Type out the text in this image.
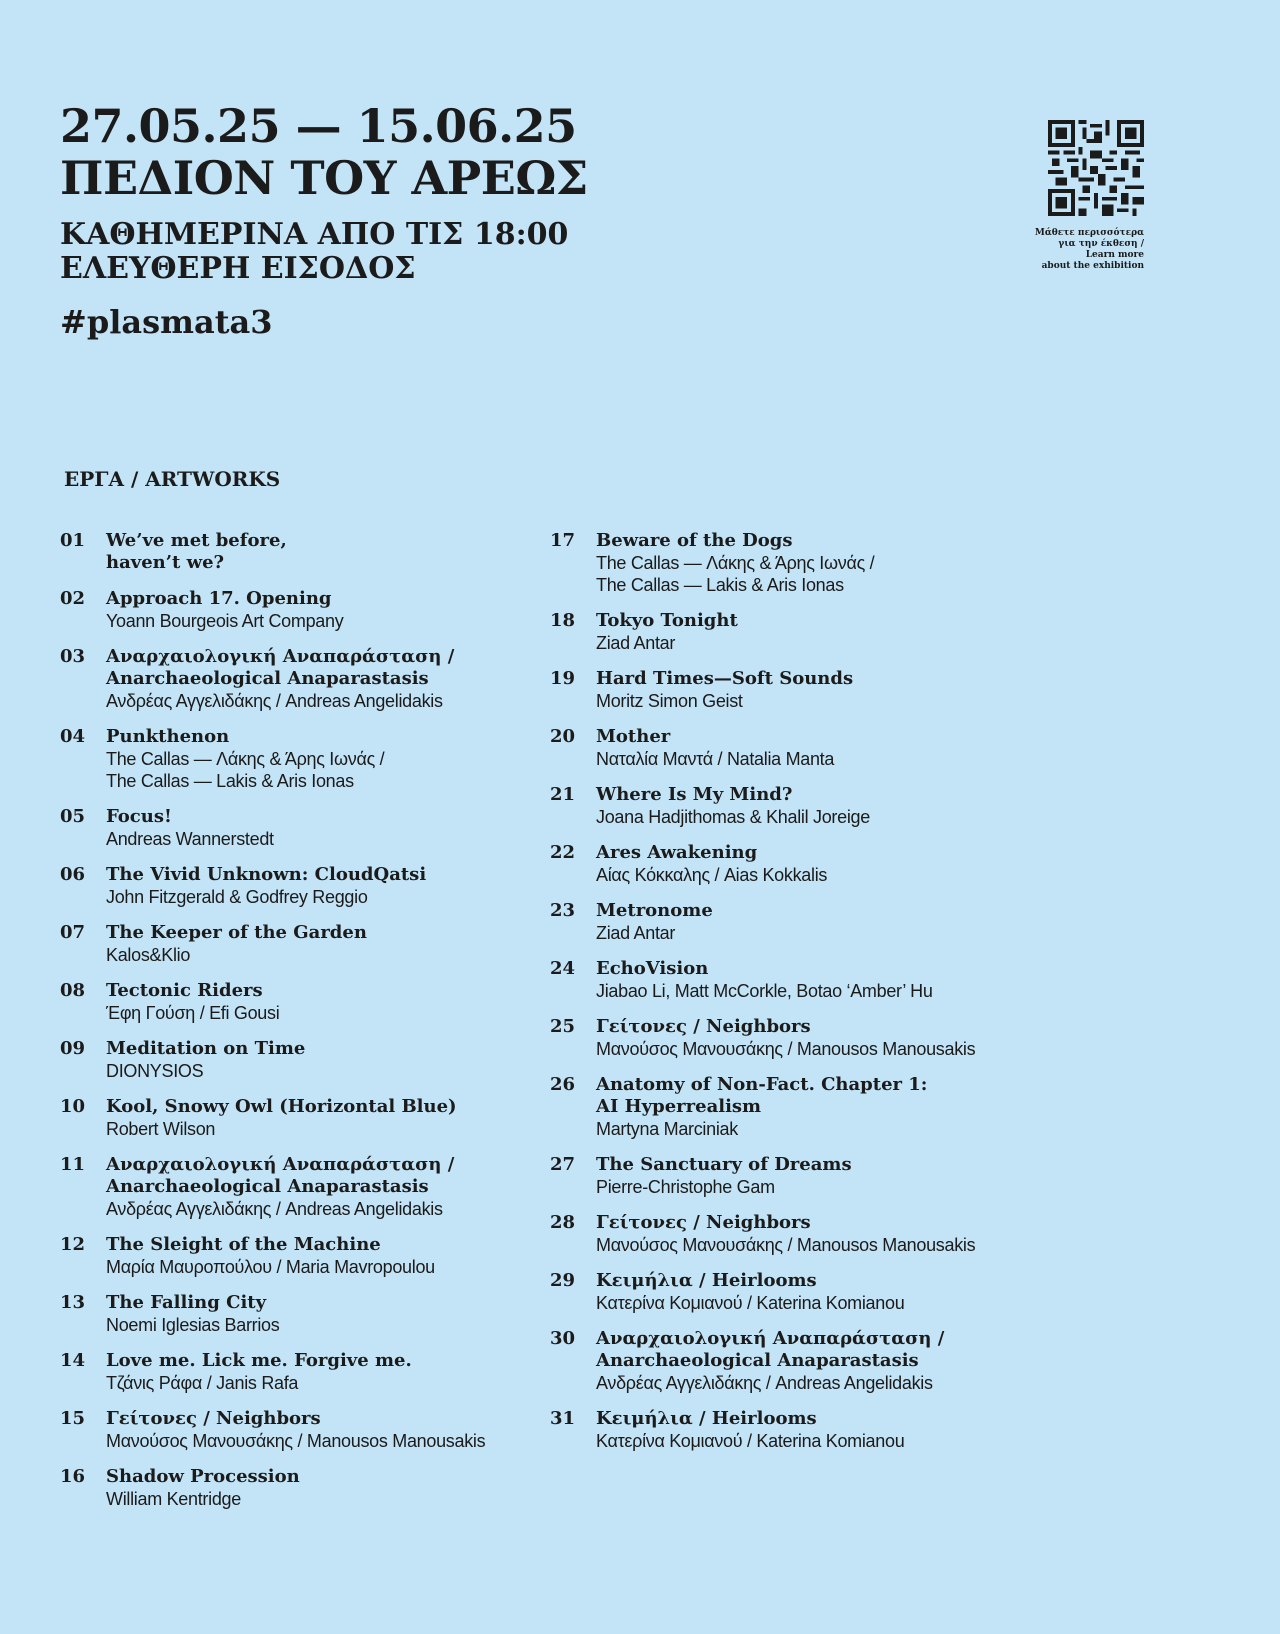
27.05.25 — 15.06.25
ΠΕΔΙΟΝ ΤΟΥ ΑΡΕΩΣ

ΚΑΘΗΜΕΡΙΝΑ ΑΠΟ ΤΙΣ 18:00

ΕΛΕΥΘΕΡΗ ΕΙΣΟΔΟΣ

#plasmata3
Μάθετε περισσότερα
για την έκθεση /
Learn more
about the exhibition
ΕΡΓΑ / ARTWORKS
01	We’ve met before,
haven’t we?
02	Approach 17. Opening
Yoann Bourgeois Art Company
03	Αναρχαιολογική Αναπαράσταση /
Anarchaeological Anaparastasis
Ανδρέας Αγγελιδάκης / Andreas Angelidakis
04	Punkthenon
The Callas — Λάκης & Άρης Ιωνάς /
The Callas — Lakis & Aris Ionas
05	Focus!
Andreas Wannerstedt
06	The Vivid Unknown: CloudQatsi
John Fitzgerald & Godfrey Reggio
07	The Keeper of the Garden
Kalos&Klio
08	Tectonic Riders
Έφη Γούση / Efi Gousi
09	Meditation on Time
DIONYSIOS
10	Kool, Snowy Owl (Horizontal Blue)
Robert Wilson
11	Αναρχαιολογική Αναπαράσταση /
Anarchaeological Anaparastasis
Ανδρέας Αγγελιδάκης / Andreas Angelidakis
12	The Sleight of the Machine
Μαρία Μαυροπούλου / Maria Mavropoulou
13	The Falling City
Noemi Iglesias Barrios
14	Love me. Lick me. Forgive me.
Τζάνις Ράφα / Janis Rafa
15	Γείτονες / Neighbors
Μανούσος Μανουσάκης / Manousos Manousakis
16	Shadow Procession
William Kentridge
17	Beware of the Dogs
The Callas — Λάκης & Άρης Ιωνάς /
The Callas — Lakis & Aris Ionas
18	Tokyo Tonight
Ziad Antar
19	Hard Times—Soft Sounds
Moritz Simon Geist
20	Mother
Ναταλία Μαντά / Natalia Manta
21	Where Is My Mind?
Joana Hadjithomas & Khalil Joreige
22	Ares Awakening
Αίας Κόκκαλης / Aias Kokkalis
23	Metronome
Ziad Antar
24	EchoVision
Jiabao Li, Matt McCorkle, Botao ‘Amber’ Hu
25	Γείτονες / Neighbors
Μανούσος Μανουσάκης / Manousos Manousakis
26	Anatomy of Non-Fact. Chapter 1:
AI Hyperrealism
Martyna Marciniak
27	The Sanctuary of Dreams
Pierre-Christophe Gam
28	Γείτονες / Neighbors
Μανούσος Μανουσάκης / Manousos Manousakis
29	Κειμήλια / Heirlooms
Κατερίνα Κομιανού / Katerina Komianou
30	Αναρχαιολογική Αναπαράσταση /
Anarchaeological Anaparastasis
Ανδρέας Αγγελιδάκης / Andreas Angelidakis
31	Κειμήλια / Heirlooms
Κατερίνα Κομιανού / Katerina Komianou
